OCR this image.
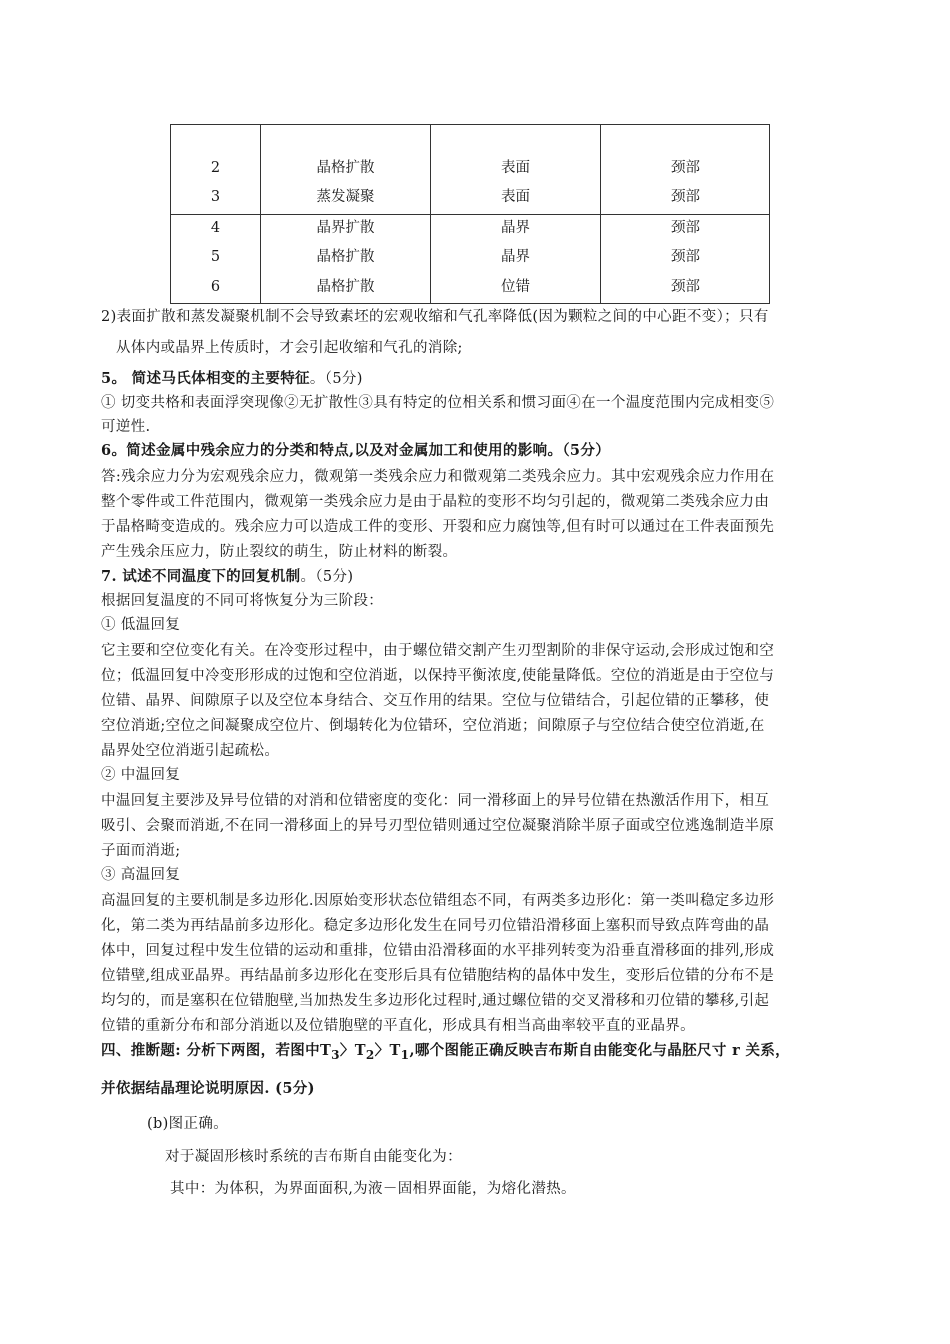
2	晶格扩散	表面	颈部
3	蒸发凝聚	表面	颈部
4	晶界扩散	晶界	颈部
5	晶格扩散	晶界	颈部
6	晶格扩散	位错	颈部
2)表面扩散和蒸发凝聚机制不会导致素坯的宏观收缩和气孔率降低(因为颗粒之间的中心距不变）；只有
从体内或晶界上传质时，才会引起收缩和气孔的消除;
5。 简述马氏体相变的主要特征。（5分)
① 切变共格和表面浮突现像②无扩散性③具有特定的位相关系和惯习面④在一个温度范围内完成相变⑤
可逆性.
6。简述金属中残余应力的分类和特点,以及对金属加工和使用的影响。（5分）
答:残余应力分为宏观残余应力，微观第一类残余应力和微观第二类残余应力。其中宏观残余应力作用在
整个零件或工件范围内，微观第一类残余应力是由于晶粒的变形不均匀引起的，微观第二类残余应力由
于晶格畸变造成的。残余应力可以造成工件的变形、开裂和应力腐蚀等,但有时可以通过在工件表面预先
产生残余压应力，防止裂纹的萌生，防止材料的断裂。
7. 试述不同温度下的回复机制。（5分)
根据回复温度的不同可将恢复分为三阶段：
① 低温回复
它主要和空位变化有关。在冷变形过程中，由于螺位错交割产生刃型割阶的非保守运动,会形成过饱和空
位；低温回复中冷变形形成的过饱和空位消逝，以保持平衡浓度,使能量降低。空位的消逝是由于空位与
位错、晶界、间隙原子以及空位本身结合、交互作用的结果。空位与位错结合，引起位错的正攀移，使
空位消逝;空位之间凝聚成空位片、倒塌转化为位错环，空位消逝；间隙原子与空位结合使空位消逝,在
晶界处空位消逝引起疏松。
② 中温回复
中温回复主要涉及异号位错的对消和位错密度的变化：同一滑移面上的异号位错在热激活作用下，相互
吸引、会聚而消逝,不在同一滑移面上的异号刃型位错则通过空位凝聚消除半原子面或空位逃逸制造半原
子面而消逝;
③ 高温回复
高温回复的主要机制是多边形化.因原始变形状态位错组态不同，有两类多边形化：第一类叫稳定多边形
化，第二类为再结晶前多边形化。稳定多边形化发生在同号刃位错沿滑移面上塞积而导致点阵弯曲的晶
体中，回复过程中发生位错的运动和重排，位错由沿滑移面的水平排列转变为沿垂直滑移面的排列,形成
位错壁,组成亚晶界。再结晶前多边形化在变形后具有位错胞结构的晶体中发生，变形后位错的分布不是
均匀的，而是塞积在位错胞壁,当加热发生多边形化过程时,通过螺位错的交叉滑移和刃位错的攀移,引起
位错的重新分布和部分消逝以及位错胞壁的平直化，形成具有相当高曲率较平直的亚晶界。
四、推断题: 分析下两图，若图中$T_3$〉$T_2$〉$T_1$,哪个图能正确反映吉布斯自由能变化与晶胚尺寸 r 关系，
并依据结晶理论说明原因. (5分)
(b)图正确。
对于凝固形核时系统的吉布斯自由能变化为：
其中：为体积，为界面面积,为液－固相界面能，为熔化潜热。
